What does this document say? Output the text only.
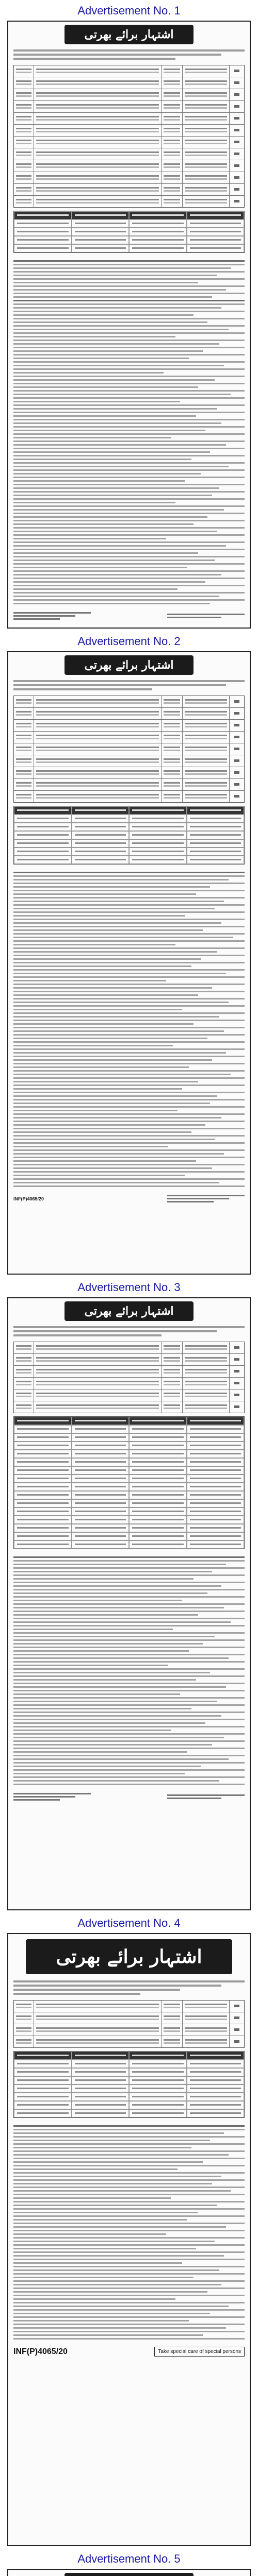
Advertisement No. 1
اشتہار برائے بھرتی
Advertisement No. 2
اشتہار برائے بھرتی
INF(P)4065/20
Advertisement No. 3
اشتہار برائے بھرتی
Advertisement No. 4
اشتہار برائے بھرتی
INF(P)4065/20	Take special care of special persons
Advertisement No. 5
